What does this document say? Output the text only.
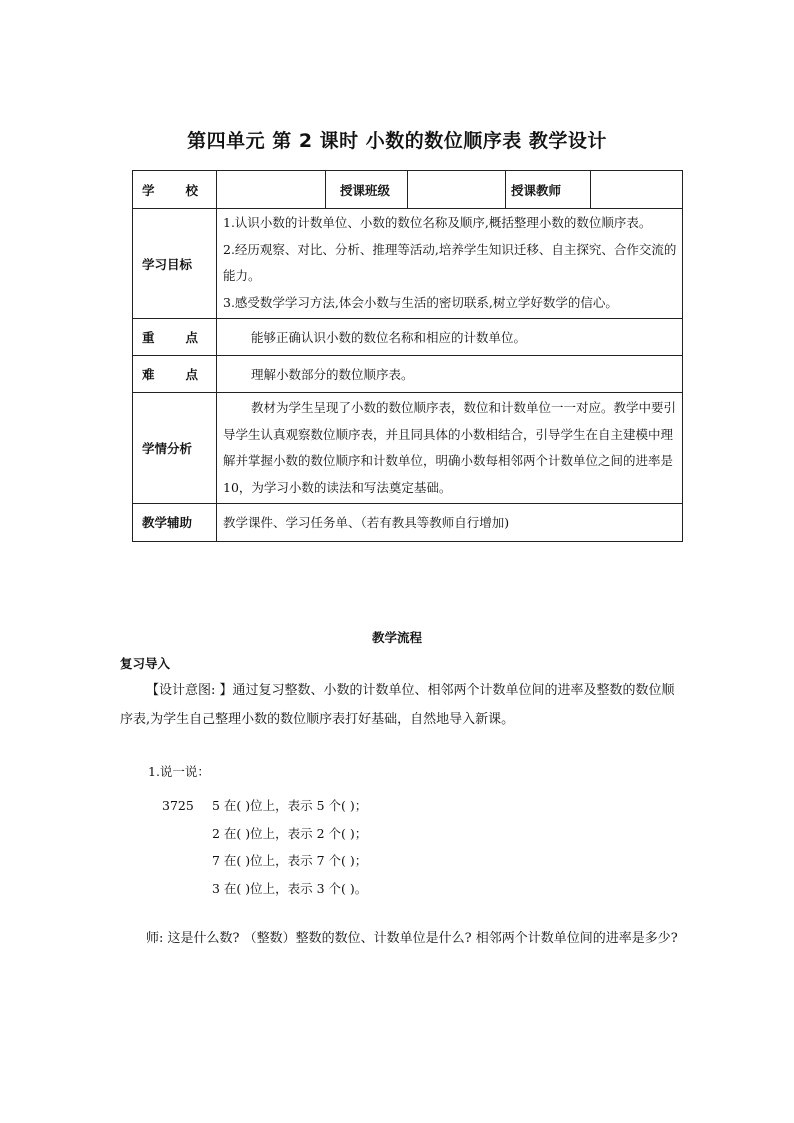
第四单元 第 2 课时 小数的数位顺序表 教学设计
学 校		授课班级		授课教师	
学习目标	1.认识小数的计数单位、小数的数位名称及顺序,概括整理小数的数位顺序表。
2.经历观察、对比、分析、推理等活动,培养学生知识迁移、自主探究、合作交流的能力。
3.感受数学学习方法,体会小数与生活的密切联系,树立学好数学的信心。				

重 点	能够正确认识小数的数位名称和相应的计数单位。				

难 点	理解小数部分的数位顺序表。				

学情分析	教材为学生呈现了小数的数位顺序表，数位和计数单位一一对应。教学中要引导学生认真观察数位顺序表，并且同具体的小数相结合，引导学生在自主建模中理解并掌握小数的数位顺序和计数单位，明确小数每相邻两个计数单位之间的进率是 10，为学习小数的读法和写法奠定基础。				

教学辅助	教学课件、学习任务单、（若有教具等教师自行增加)				
教学流程
复习导入
【设计意图: 】通过复习整数、小数的计数单位、相邻两个计数单位间的进率及整数的数位顺序表,为学生自己整理小数的数位顺序表打好基础，自然地导入新课。
1.说一说：
3725 5 在( )位上，表示 5 个( )；
2 在( )位上，表示 2 个( )；
7 在( )位上，表示 7 个( )；
3 在( )位上，表示 3 个( )。
师: 这是什么数? （整数）整数的数位、计数单位是什么? 相邻两个计数单位间的进率是多少?
